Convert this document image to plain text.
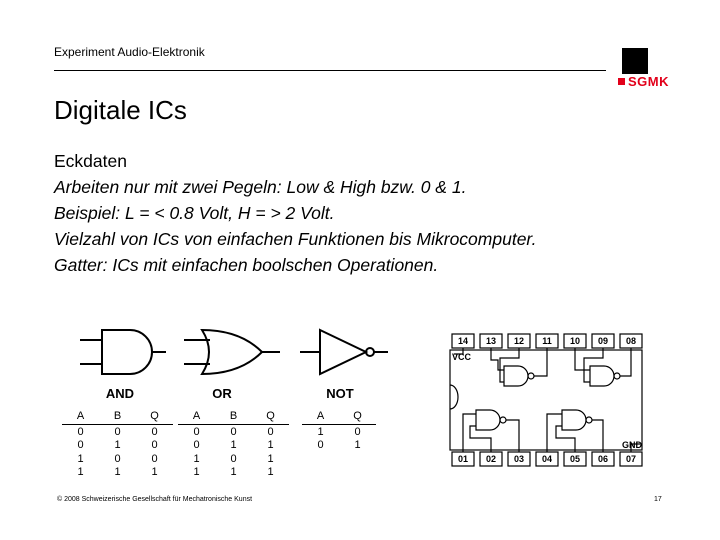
Experiment Audio-Elektronik
SGMK
Digitale ICs
Eckdaten
Arbeiten nur mit zwei Pegeln: Low & High bzw. 0 & 1.
Beispiel: L = < 0.8 Volt, H = > 2 Volt.
Vielzahl von ICs von einfachen Funktionen bis Mikrocomputer.
Gatter: ICs mit einfachen boolschen Operationen.
AND	OR	NOT
A	B	Q
0	0	0
0	1	0
1	0	0
1	1	1
A	B	Q
0	0	0
0	1	1
1	0	1
1	1	1
A	Q
1	0
0	1
VCC
GND
14	13	12	11	10	09	08
01	02	03	04	05	06	07
© 2008 Schweizerische Gesellschaft für Mechatronische Kunst	17
